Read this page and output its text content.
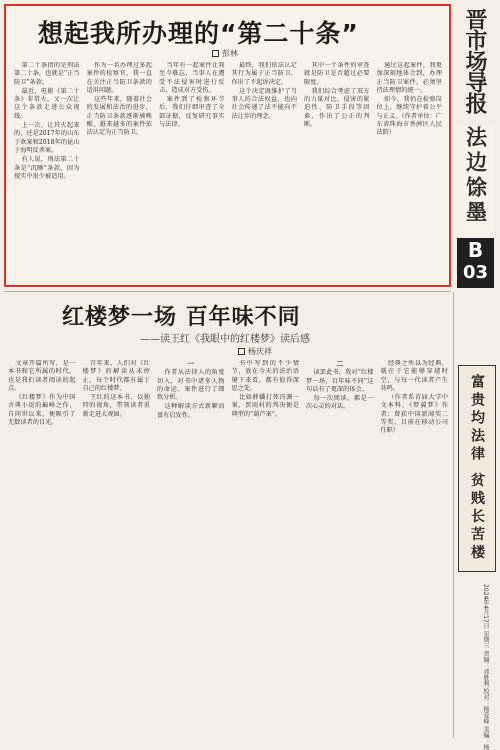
想起我所办理的“第二十条”
彭林

第二十条指的是刑法第二十条，也就是“正当防卫”条款。

最近，电影《第二十条》非常火，又一次让这个条款走进公众视线。

上一次，让其火起来的，还是2017年的山东于欢案和2018年的昆山于海明反杀案。

有人说，刑法第二十条是“沉睡”条款，因为现实中很少被适用。

作为一名办理过多起案件的检察官，我一直在关注正当防卫条款的适用问题。

这些年来，随着社会的发展和法治的进步，正当防卫条款逐渐被唤醒，越来越多的案件依法认定为正当防卫。

当年有一起案件让我至今难忘，当事人在遭受不法侵害时进行反击，造成对方受伤。

案件到了检察环节后，我们仔细审查了全部证据，反复研究事实与法律。

最终，我们依法认定其行为属于正当防卫，作出了不起诉决定。

这个决定既维护了当事人的合法权益，也向社会传递了法不能向不法让步的理念。

其中一个条件的审查就是防卫是否超过必要限度。

我们综合考虑了双方的力量对比、侵害的紧迫性、防卫手段等因素，作出了公正的判断。

通过这起案件，我更加深刻地体会到，办理正当防卫案件，必须坚持法理情的统一。

如今，我仍在检察岗位上，继续守护着公平与正义。（作者单位：广东省珠海市香洲区人民法院）

晋市场导报
法边馀墨
B
03
红楼梦一场 百年味不同
——读王红《我眼中的红楼梦》读后感
杨庆祥

文章开篇所写，是一本书和它所属的时代，也是我们读者阅读的起点。

《红楼梦》作为中国古典小说的巅峰之作，自问世以来，便吸引了无数读者的目光。

百年来，人们对《红楼梦》的解读从未停止，每个时代都有属于自己的红楼梦。

王红的这本书，以独特的视角，带领读者重新走进大观园。

一

作者从法律人的角度切入，对书中诸多人物的命运、案件进行了细致分析。

这种解读方式新颖而富有启发性。

书中写到的不少情节，放在今天的法治语境下来看，都有值得深思之处。

比如薛蟠打死冯渊一案，贾雨村的判决便是典型的“葫芦案”。

二

读罢此书，我对“红楼梦一场，百年味不同”这句话有了更深的体会。

每一次阅读，都是一次心灵的对话。

经典之所以为经典，就在于它能够穿越时空，与每一代读者产生共鸣。

（作者系首届大学中文本科，《梦翼梦》作者；曾获中国新闻奖二等奖，目前在移动公司任职）	富贵均法律 贫贱长苦楼
2024年4月17日 星期三 责编：邓胜利 校对：杨爱峰 美编：杨
